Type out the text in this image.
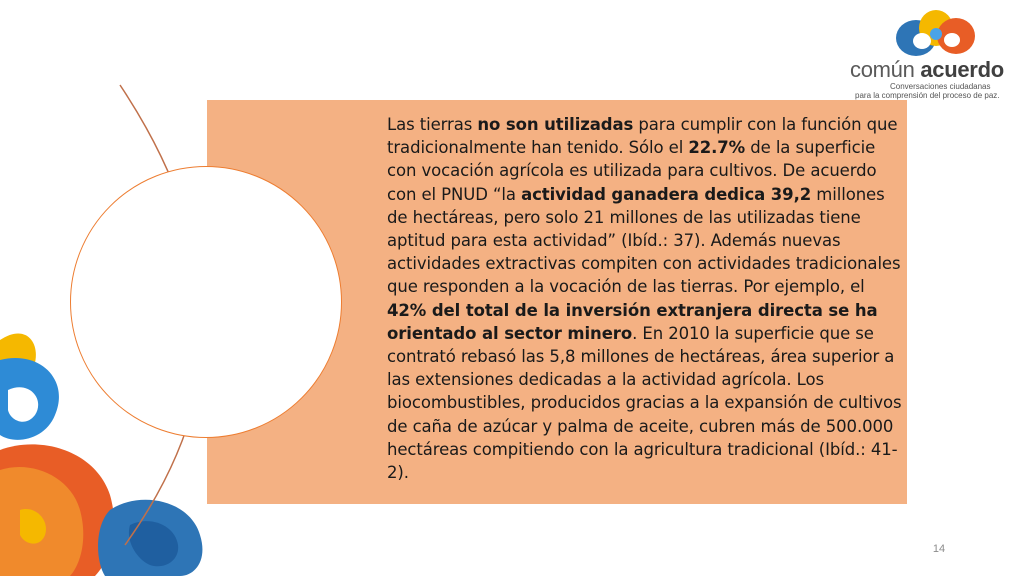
Las tierras no son utilizadas para cumplir con la función que tradicionalmente han tenido. Sólo el 22.7% de la superficie con vocación agrícola es utilizada para cultivos. De acuerdo con el PNUD “la actividad ganadera dedica 39,2 millones de hectáreas, pero solo 21 millones de las utilizadas tiene aptitud para esta actividad” (Ibíd.: 37). Además nuevas actividades extractivas compiten con actividades tradicionales que responden a la vocación de las tierras. Por ejemplo, el 42% del total de la inversión extranjera directa se ha orientado al sector minero. En 2010 la superficie que se contrató rebasó las 5,8 millones de hectáreas, área superior a las extensiones dedicadas a la actividad agrícola. Los biocombustibles, producidos gracias a la expansión de cultivos de caña de azúcar y palma de aceite, cubren más de 500.000 hectáreas compitiendo con la agricultura tradicional (Ibíd.: 41-2).
común acuerdo
Conversaciones ciudadanas
para la comprensión del proceso de paz.
14
